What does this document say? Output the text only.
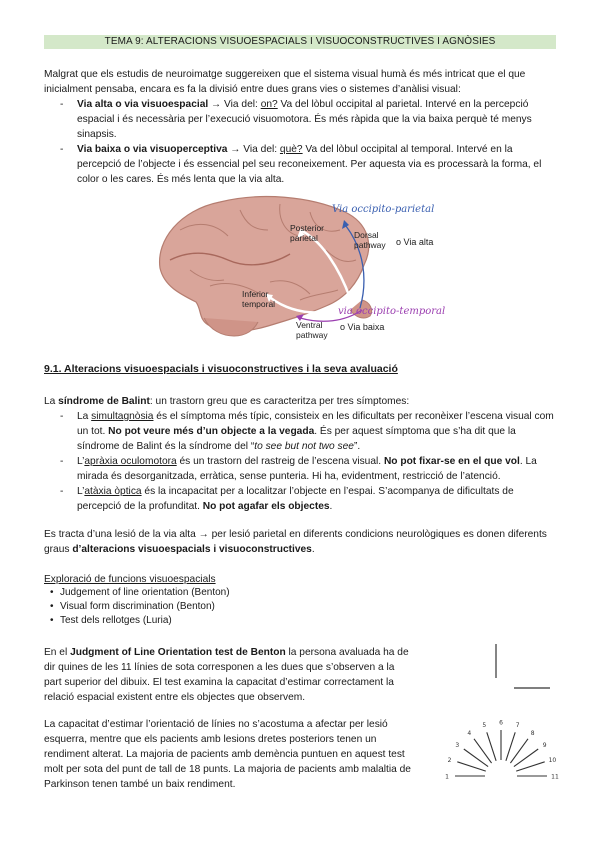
TEMA 9: ALTERACIONS VISUOESPACIALS I VISUOCONSTRUCTIVES I AGNÒSIES
Malgrat que els estudis de neuroimatge suggereixen que el sistema visual humà és més intricat que el que inicialment pensaba, encara es fa la divisió entre dues grans vies o sistemes d’anàlisi visual:
- Via alta o via visuoespacial → Via del: on? Va del lòbul occipital al parietal. Intervé en la percepció espacial i és necessària per l’execució visuomotora. És més ràpida que la via baixa perquè té menys sinapsis.
- Via baixa o via visuoperceptiva → Via del: què? Va del lòbul occipital al temporal. Intervé en la percepció de l’objecte i és essencial pel seu reconeixement. Per aquesta via es processarà la forma, el color o les cares. És més lenta que la via alta.
Posterior
parietal	Dorsal
pathway o Via alta
Inferior
temporal
Ventral
pathway
o Via baixa
Via occipito-parietal
via occipito-temporal
9.1. Alteracions visuoespacials i visuoconstructives i la seva avaluació
La síndrome de Balint: un trastorn greu que es caracteritza per tres símptomes:
- La simultagnòsia és el símptoma més típic, consisteix en les dificultats per reconèixer l’escena visual com un tot. No pot veure més d’un objecte a la vegada. És per aquest símptoma que s’ha dit que la síndrome de Balint és la síndrome del “to see but not two see”.
- L’apràxia oculomotora és un trastorn del rastreig de l’escena visual. No pot fixar-se en el que vol. La mirada és desorganitzada, erràtica, sense punteria. Hi ha, evidentment, restricció de l’atenció.
- L’atàxia òptica és la incapacitat per a localitzar l’objecte en l’espai. S’acompanya de dificultats de percepció de la profunditat. No pot agafar els objectes.
Es tracta d’una lesió de la via alta → per lesió parietal en diferents condicions neurològiques es donen diferents graus d’alteracions visuoespacials i visuoconstructives.
Exploració de funcions visuoespacials
• Judgement of line orientation (Benton)
• Visual form discrimination (Benton)
• Test dels rellotges (Luria)
En el Judgment of Line Orientation test de Benton la persona avaluada ha de dir quines de les 11 línies de sota corresponen a les dues que s’observen a la part superior del dibuix. El test examina la capacitat d’estimar correctament la relació espacial existent entre els objectes que observem.
La capacitat d’estimar l’orientació de línies no s’acostuma a afectar per lesió esquerra, mentre que els pacients amb lesions dretes posteriors tenen un rendiment alterat. La majoria de pacients amb demència puntuen en aquest test molt per sota del punt de tall de 18 punts. La majoria de pacients amb malaltia de Parkinson tenen també un baix rendiment.
1
2
3
4
5 6 7
8
9
10
11
